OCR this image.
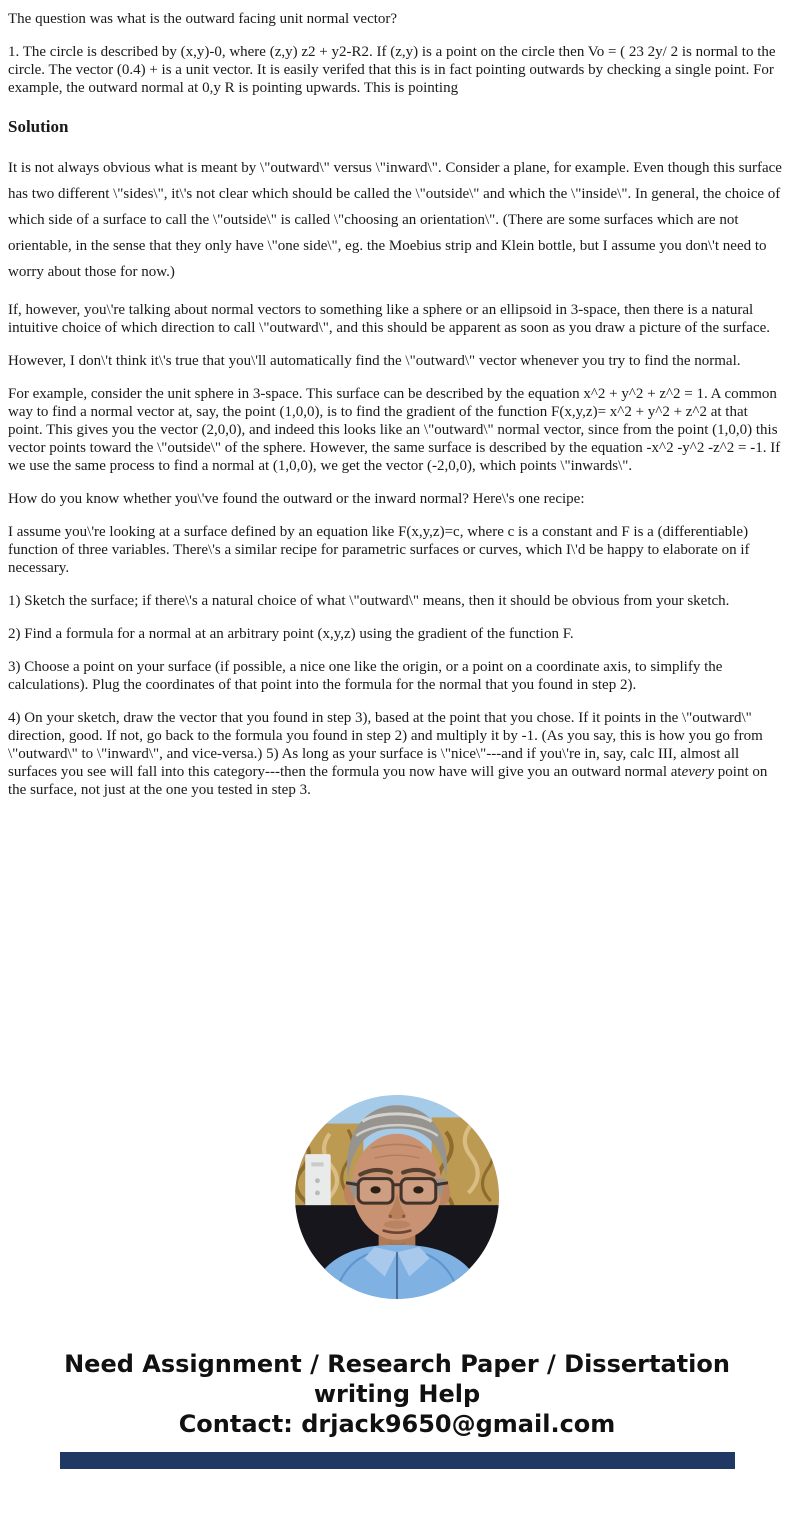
The question was what is the outward facing unit normal vector?

1. The circle is described by (x,y)-0, where (z,y) z2 + y2-R2. If (z,y) is a point on the circle then Vo = ( 23 2y/ 2 is normal to the circle. The vector (0.4) + is a unit vector. It is easily verifed that this is in fact pointing outwards by checking a single point. For example, the outward normal at 0,y R is pointing upwards. This is pointing

Solution

It is not always obvious what is meant by \"outward\" versus \"inward\". Consider a plane, for example. Even though this surface has two different \"sides\", it\'s not clear which should be called the \"outside\" and which the \"inside\". In general, the choice of which side of a surface to call the \"outside\" is called \"choosing an orientation\". (There are some surfaces which are not orientable, in the sense that they only have \"one side\", eg. the Moebius strip and Klein bottle, but I assume you don\'t need to worry about those for now.)

If, however, you\'re talking about normal vectors to something like a sphere or an ellipsoid in 3-space, then there is a natural intuitive choice of which direction to call \"outward\", and this should be apparent as soon as you draw a picture of the surface.

However, I don\'t think it\'s true that you\'ll automatically find the \"outward\" vector whenever you try to find the normal.

For example, consider the unit sphere in 3-space. This surface can be described by the equation x^2 + y^2 + z^2 = 1. A common way to find a normal vector at, say, the point (1,0,0), is to find the gradient of the function F(x,y,z)= x^2 + y^2 + z^2 at that point. This gives you the vector (2,0,0), and indeed this looks like an \"outward\" normal vector, since from the point (1,0,0) this vector points toward the \"outside\" of the sphere. However, the same surface is described by the equation -x^2 -y^2 -z^2 = -1. If we use the same process to find a normal at (1,0,0), we get the vector (-2,0,0), which points \"inwards\".

How do you know whether you\'ve found the outward or the inward normal? Here\'s one recipe:

I assume you\'re looking at a surface defined by an equation like F(x,y,z)=c, where c is a constant and F is a (differentiable) function of three variables. There\'s a similar recipe for parametric surfaces or curves, which I\'d be happy to elaborate on if necessary.

1) Sketch the surface; if there\'s a natural choice of what \"outward\" means, then it should be obvious from your sketch.

2) Find a formula for a normal at an arbitrary point (x,y,z) using the gradient of the function F.

3) Choose a point on your surface (if possible, a nice one like the origin, or a point on a coordinate axis, to simplify the calculations). Plug the coordinates of that point into the formula for the normal that you found in step 2).

4) On your sketch, draw the vector that you found in step 3), based at the point that you chose. If it points in the \"outward\" direction, good. If not, go back to the formula you found in step 2) and multiply it by -1. (As you say, this is how you go from \"outward\" to \"inward\", and vice-versa.) 5) As long as your surface is \"nice\"---and if you\'re in, say, calc III, almost all surfaces you see will fall into this category---then the formula you now have will give you an outward normal atevery point on the surface, not just at the one you tested in step 3.

Need Assignment / Research Paper / Dissertation writing Help
Contact: drjack9650@gmail.com
